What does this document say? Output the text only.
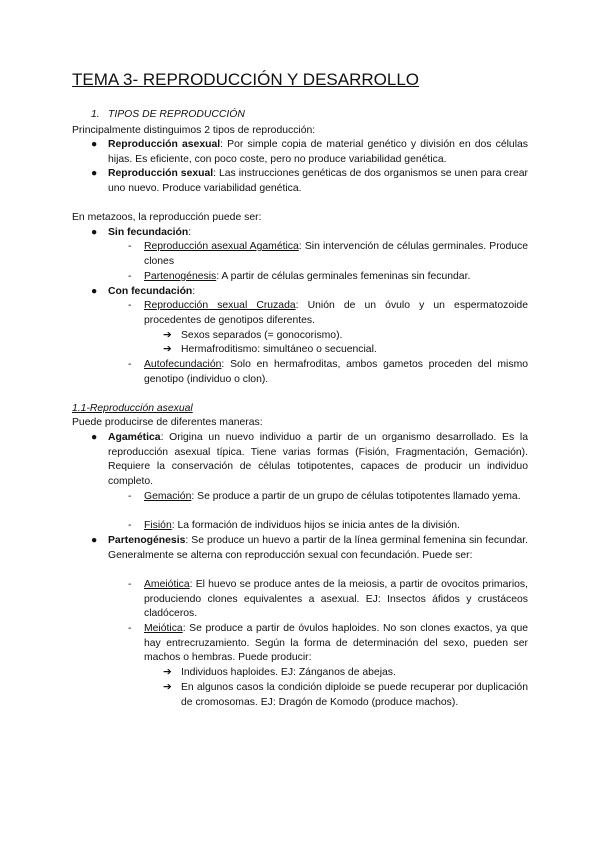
TEMA 3- REPRODUCCIÓN Y DESARROLLO
1. TIPOS DE REPRODUCCIÓN
Principalmente distinguimos 2 tipos de reproducción:
● Reproducción asexual: Por simple copia de material genético y división en dos células hijas. Es eficiente, con poco coste, pero no produce variabilidad genética.
● Reproducción sexual: Las instrucciones genéticas de dos organismos se unen para crear uno nuevo. Produce variabilidad genética.
En metazoos, la reproducción puede ser:
● Sin fecundación:
- Reproducción asexual Agamética: Sin intervención de células germinales. Produce clones
- Partenogénesis: A partir de células germinales femeninas sin fecundar.
● Con fecundación:
- Reproducción sexual Cruzada: Unión de un óvulo y un espermatozoide procedentes de genotipos diferentes.
➔ Sexos separados (= gonocorismo).
➔ Hermafroditismo: simultáneo o secuencial.
- Autofecundación: Solo en hermafroditas, ambos gametos proceden del mismo genotipo (individuo o clon).
1.1-Reproducción asexual
Puede producirse de diferentes maneras:
● Agamética: Origina un nuevo individuo a partir de un organismo desarrollado. Es la reproducción asexual típica. Tiene varias formas (Fisión, Fragmentación, Gemación). Requiere la conservación de células totipotentes, capaces de producir un individuo completo.
- Gemación: Se produce a partir de un grupo de células totipotentes llamado yema.
- Fisión: La formación de individuos hijos se inicia antes de la división.
● Partenogénesis: Se produce un huevo a partir de la línea germinal femenina sin fecundar. Generalmente se alterna con reproducción sexual con fecundación. Puede ser:
- Ameiótica: El huevo se produce antes de la meiosis, a partir de ovocitos primarios, produciendo clones equivalentes a asexual. EJ: Insectos áfidos y crustáceos cladóceros.
- Meiótica: Se produce a partir de óvulos haploides. No son clones exactos, ya que hay entrecruzamiento. Según la forma de determinación del sexo, pueden ser machos o hembras. Puede producir:
➔ Individuos haploides. EJ: Zánganos de abejas.
➔ En algunos casos la condición diploide se puede recuperar por duplicación de cromosomas. EJ: Dragón de Komodo (produce machos).
